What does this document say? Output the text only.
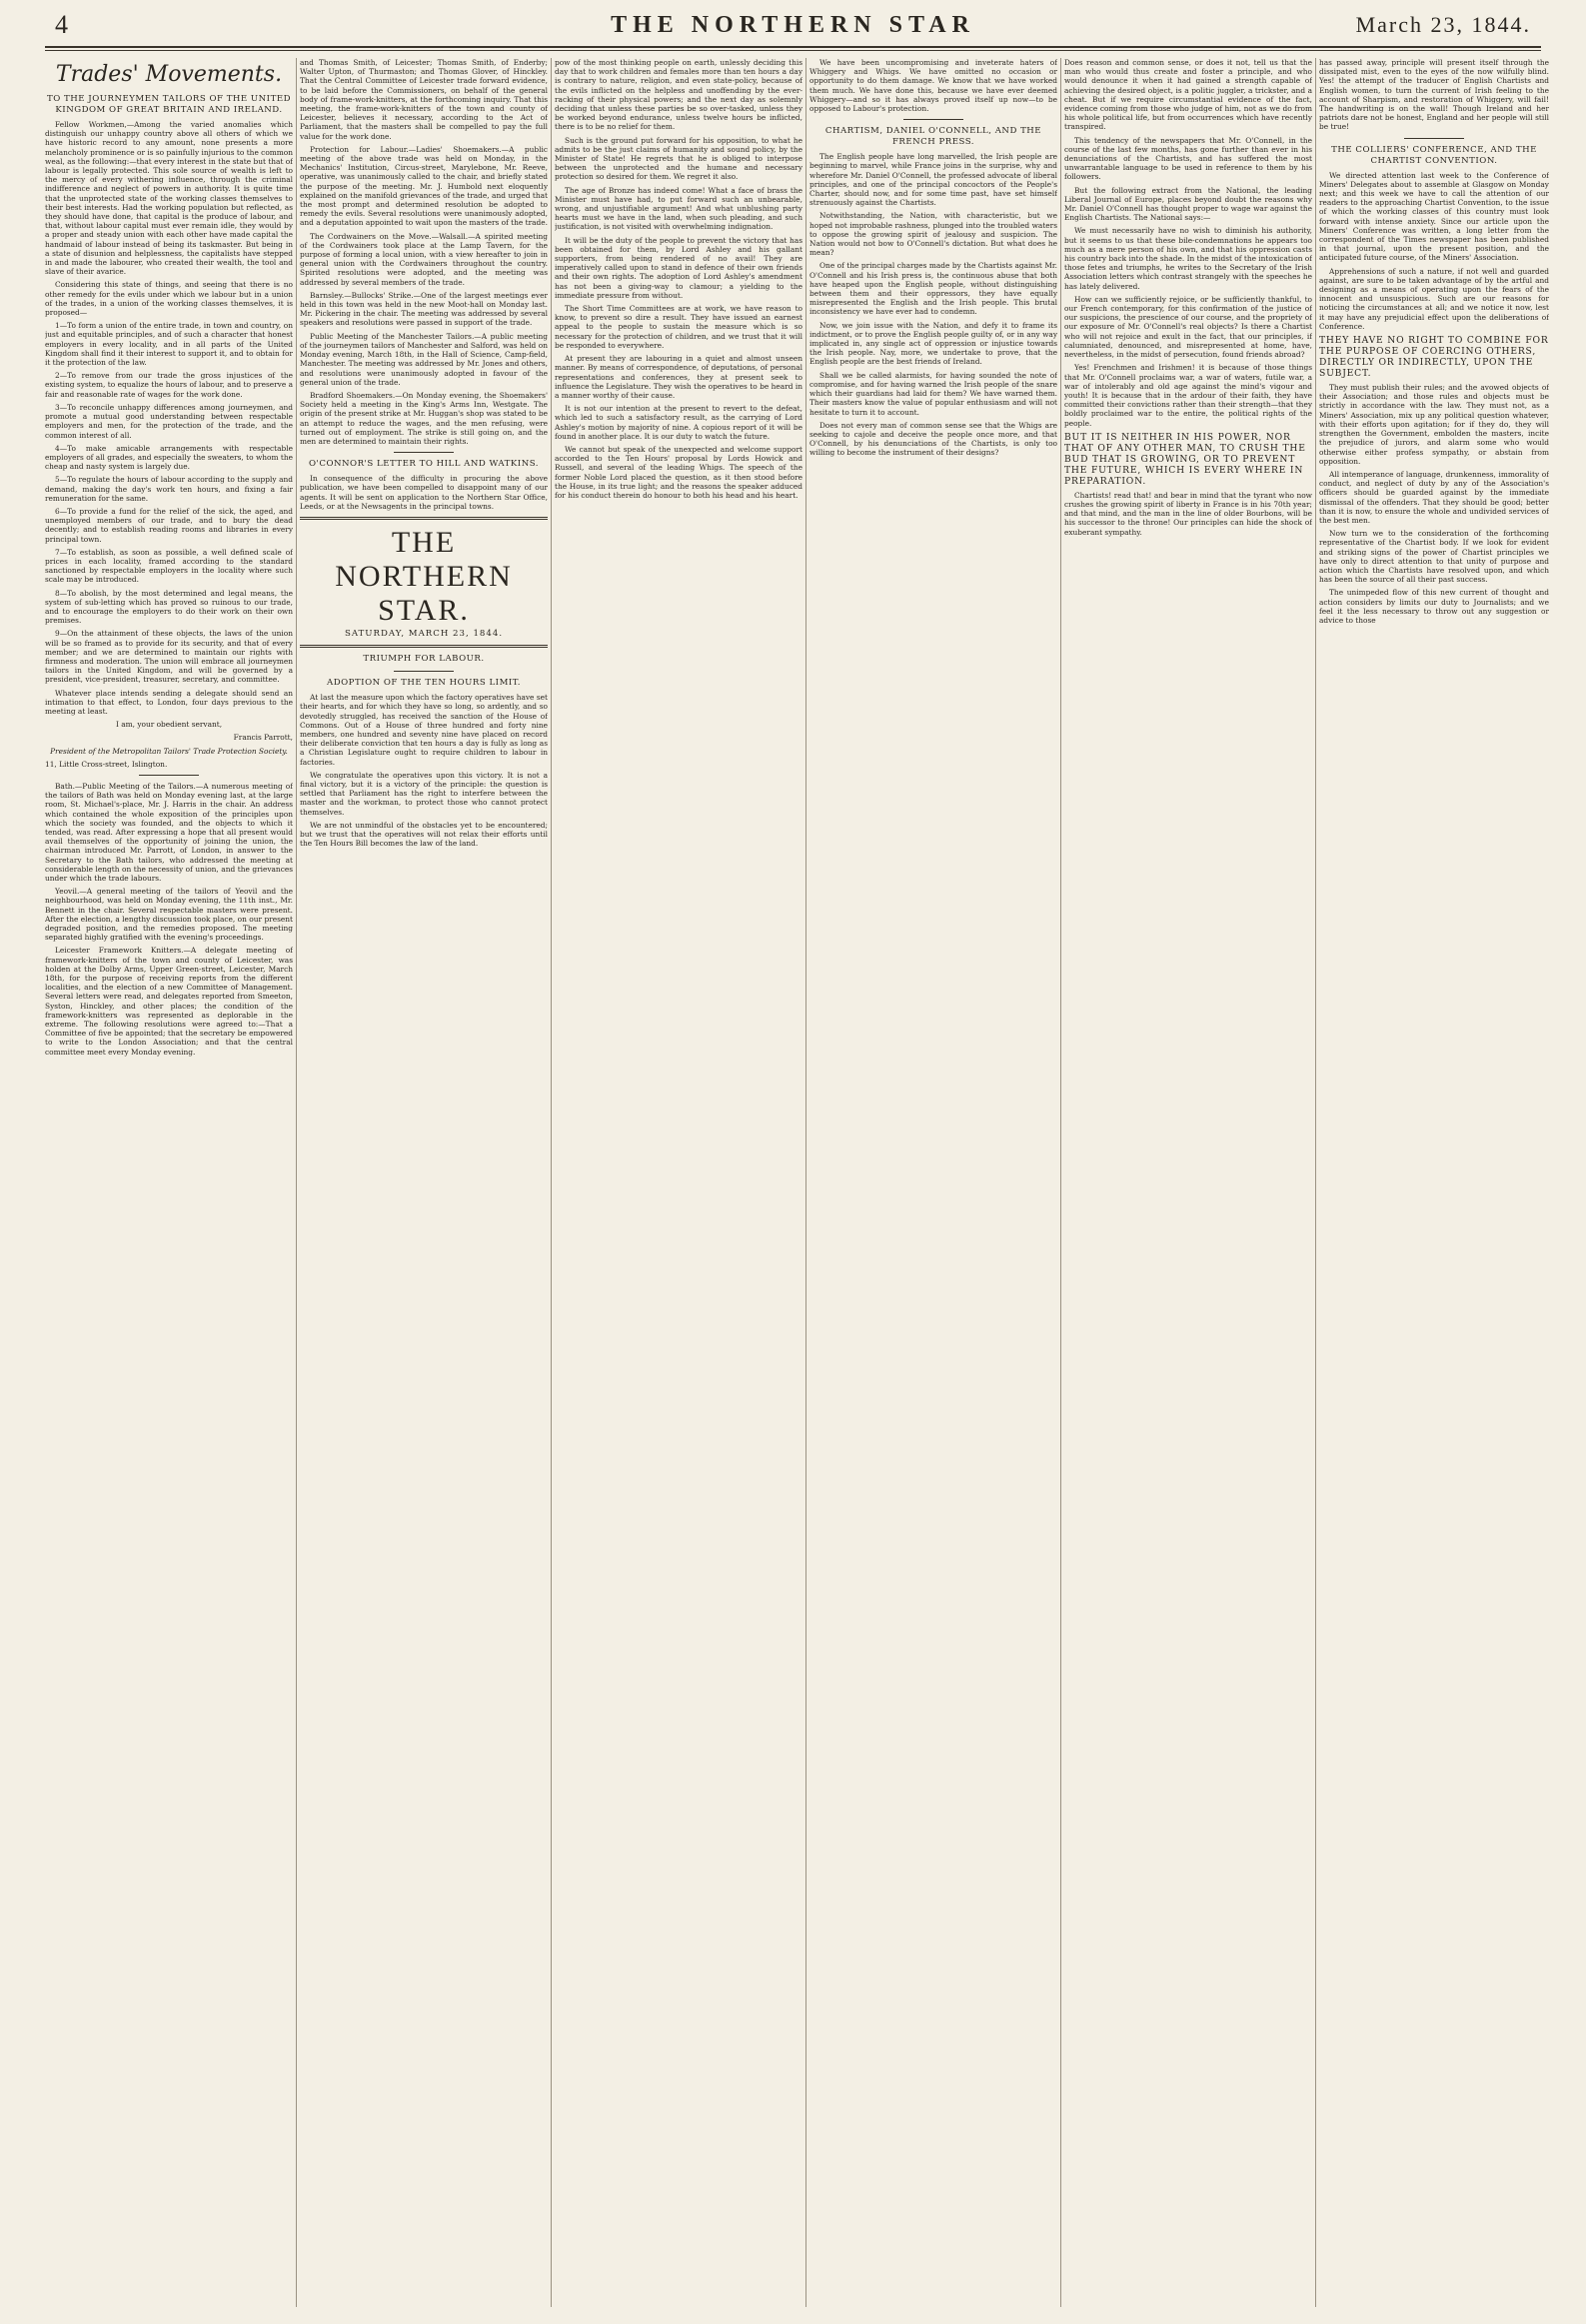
4	THE NORTHERN STAR	March 23, 1844.
Trades' Movements.
TO THE JOURNEYMEN TAILORS OF THE UNITED KINGDOM OF GREAT BRITAIN AND IRELAND.

Fellow Workmen,—Among the varied anomalies which distinguish our unhappy country above all others of which we have historic record to any amount, none presents a more melancholy prominence or is so painfully injurious to the common weal, as the following:—that every interest in the state but that of labour is legally protected. This sole source of wealth is left to the mercy of every withering influence, through the criminal indifference and neglect of powers in authority. It is quite time that the unprotected state of the working classes themselves to their best interests. Had the working population but reflected, as they should have done, that capital is the produce of labour, and that, without labour capital must ever remain idle, they would by a proper and steady union with each other have made capital the handmaid of labour instead of being its taskmaster. But being in a state of disunion and helplessness, the capitalists have stepped in and made the labourer, who created their wealth, the tool and slave of their avarice.

Considering this state of things, and seeing that there is no other remedy for the evils under which we labour but in a union of the trades, in a union of the working classes themselves, it is proposed—

1—To form a union of the entire trade, in town and country, on just and equitable principles, and of such a character that honest employers in every locality, and in all parts of the United Kingdom shall find it their interest to support it, and to obtain for it the protection of the law.

2—To remove from our trade the gross injustices of the existing system, to equalize the hours of labour, and to preserve a fair and reasonable rate of wages for the work done.

3—To reconcile unhappy differences among journeymen, and promote a mutual good understanding between respectable employers and men, for the protection of the trade, and the common interest of all.

4—To make amicable arrangements with respectable employers of all grades, and especially the sweaters, to whom the cheap and nasty system is largely due.

5—To regulate the hours of labour according to the supply and demand, making the day's work ten hours, and fixing a fair remuneration for the same.

6—To provide a fund for the relief of the sick, the aged, and unemployed members of our trade, and to bury the dead decently; and to establish reading rooms and libraries in every principal town.

7—To establish, as soon as possible, a well defined scale of prices in each locality, framed according to the standard sanctioned by respectable employers in the locality where such scale may be introduced.

8—To abolish, by the most determined and legal means, the system of sub-letting which has proved so ruinous to our trade, and to encourage the employers to do their work on their own premises.

9—On the attainment of these objects, the laws of the union will be so framed as to provide for its security, and that of every member; and we are determined to maintain our rights with firmness and moderation. The union will embrace all journeymen tailors in the United Kingdom, and will be governed by a president, vice-president, treasurer, secretary, and committee.

Whatever place intends sending a delegate should send an intimation to that effect, to London, four days previous to the meeting at least.

I am, your obedient servant,

Francis Parrott,

President of the Metropolitan Tailors' Trade Protection Society.

11, Little Cross-street, Islington.

Bath.—Public Meeting of the Tailors.—A numerous meeting of the tailors of Bath was held on Monday evening last, at the large room, St. Michael's-place, Mr. J. Harris in the chair. An address which contained the whole exposition of the principles upon which the society was founded, and the objects to which it tended, was read. After expressing a hope that all present would avail themselves of the opportunity of joining the union, the chairman introduced Mr. Parrott, of London, in answer to the Secretary to the Bath tailors, who addressed the meeting at considerable length on the necessity of union, and the grievances under which the trade labours.

Yeovil.—A general meeting of the tailors of Yeovil and the neighbourhood, was held on Monday evening, the 11th inst., Mr. Bennett in the chair. Several respectable masters were present. After the election, a lengthy discussion took place, on our present degraded position, and the remedies proposed. The meeting separated highly gratified with the evening's proceedings.

Leicester Framework Knitters.—A delegate meeting of framework-knitters of the town and county of Leicester, was holden at the Dolby Arms, Upper Green-street, Leicester, March 18th, for the purpose of receiving reports from the different localities, and the election of a new Committee of Management. Several letters were read, and delegates reported from Smeeton, Syston, Hinckley, and other places; the condition of the framework-knitters was represented as deplorable in the extreme. The following resolutions were agreed to:—That a Committee of five be appointed; that the secretary be empowered to write to the London Association; and that the central committee meet every Monday evening.

and Thomas Smith, of Leicester; Thomas Smith, of Enderby; Walter Upton, of Thurmaston; and Thomas Glover, of Hinckley. That the Central Committee of Leicester trade forward evidence, to be laid before the Commissioners, on behalf of the general body of frame-work-knitters, at the forthcoming inquiry. That this meeting, the frame-work-knitters of the town and county of Leicester, believes it necessary, according to the Act of Parliament, that the masters shall be compelled to pay the full value for the work done.

Protection for Labour.—Ladies' Shoemakers.—A public meeting of the above trade was held on Monday, in the Mechanics' Institution, Circus-street, Marylebone, Mr. Reeve, operative, was unanimously called to the chair, and briefly stated the purpose of the meeting. Mr. J. Humbold next eloquently explained on the manifold grievances of the trade, and urged that the most prompt and determined resolution be adopted to remedy the evils. Several resolutions were unanimously adopted, and a deputation appointed to wait upon the masters of the trade.

The Cordwainers on the Move.—Walsall.—A spirited meeting of the Cordwainers took place at the Lamp Tavern, for the purpose of forming a local union, with a view hereafter to join in general union with the Cordwainers throughout the country. Spirited resolutions were adopted, and the meeting was addressed by several members of the trade.

Barnsley.—Bullocks' Strike.—One of the largest meetings ever held in this town was held in the new Moot-hall on Monday last. Mr. Pickering in the chair. The meeting was addressed by several speakers and resolutions were passed in support of the trade.

Public Meeting of the Manchester Tailors.—A public meeting of the journeymen tailors of Manchester and Salford, was held on Monday evening, March 18th, in the Hall of Science, Camp-field, Manchester. The meeting was addressed by Mr. Jones and others, and resolutions were unanimously adopted in favour of the general union of the trade.

Bradford Shoemakers.—On Monday evening, the Shoemakers' Society held a meeting in the King's Arms Inn, Westgate. The origin of the present strike at Mr. Huggan's shop was stated to be an attempt to reduce the wages, and the men refusing, were turned out of employment. The strike is still going on, and the men are determined to maintain their rights.

O'CONNOR'S LETTER TO HILL AND WATKINS.

In consequence of the difficulty in procuring the above publication, we have been compelled to disappoint many of our agents. It will be sent on application to the Northern Star Office, Leeds, or at the Newsagents in the principal towns.

THE NORTHERN STAR.
SATURDAY, MARCH 23, 1844.
TRIUMPH FOR LABOUR.
ADOPTION OF THE TEN HOURS LIMIT.

At last the measure upon which the factory operatives have set their hearts, and for which they have so long, so ardently, and so devotedly struggled, has received the sanction of the House of Commons. Out of a House of three hundred and forty nine members, one hundred and seventy nine have placed on record their deliberate conviction that ten hours a day is fully as long as a Christian Legislature ought to require children to labour in factories.

We congratulate the operatives upon this victory. It is not a final victory, but it is a victory of the principle: the question is settled that Parliament has the right to interfere between the master and the workman, to protect those who cannot protect themselves.

We are not unmindful of the obstacles yet to be encountered; but we trust that the operatives will not relax their efforts until the Ten Hours Bill becomes the law of the land.

pow of the most thinking people on earth, unlessly deciding this day that to work children and females more than ten hours a day is contrary to nature, religion, and even state-policy, because of the evils inflicted on the helpless and unoffending by the ever-racking of their physical powers; and the next day as solemnly deciding that unless these parties be so over-tasked, unless they be worked beyond endurance, unless twelve hours be inflicted, there is to be no relief for them.

Such is the ground put forward for his opposition, to what he admits to be the just claims of humanity and sound policy, by the Minister of State! He regrets that he is obliged to interpose between the unprotected and the humane and necessary protection so desired for them. We regret it also.

The age of Bronze has indeed come! What a face of brass the Minister must have had, to put forward such an unbearable, wrong, and unjustifiable argument! And what unblushing party hearts must we have in the land, when such pleading, and such justification, is not visited with overwhelming indignation.

It will be the duty of the people to prevent the victory that has been obtained for them, by Lord Ashley and his gallant supporters, from being rendered of no avail! They are imperatively called upon to stand in defence of their own friends and their own rights. The adoption of Lord Ashley's amendment has not been a giving-way to clamour; a yielding to the immediate pressure from without.

The Short Time Committees are at work, we have reason to know, to prevent so dire a result. They have issued an earnest appeal to the people to sustain the measure which is so necessary for the protection of children, and we trust that it will be responded to everywhere.

At present they are labouring in a quiet and almost unseen manner. By means of correspondence, of deputations, of personal representations and conferences, they at present seek to influence the Legislature. They wish the operatives to be heard in a manner worthy of their cause.

It is not our intention at the present to revert to the defeat, which led to such a satisfactory result, as the carrying of Lord Ashley's motion by majority of nine. A copious report of it will be found in another place. It is our duty to watch the future.

We cannot but speak of the unexpected and welcome support accorded to the Ten Hours' proposal by Lords Howick and Russell, and several of the leading Whigs. The speech of the former Noble Lord placed the question, as it then stood before the House, in its true light; and the reasons the speaker adduced for his conduct therein do honour to both his head and his heart.

We have been uncompromising and inveterate haters of Whiggery and Whigs. We have omitted no occasion or opportunity to do them damage. We know that we have worked them much. We have done this, because we have ever deemed Whiggery—and so it has always proved itself up now—to be opposed to Labour's protection.

CHARTISM, DANIEL O'CONNELL, AND THE FRENCH PRESS.

The English people have long marvelled, the Irish people are beginning to marvel, while France joins in the surprise, why and wherefore Mr. Daniel O'Connell, the professed advocate of liberal principles, and one of the principal concoctors of the People's Charter, should now, and for some time past, have set himself strenuously against the Chartists.

Notwithstanding, the Nation, with characteristic, but we hoped not improbable rashness, plunged into the troubled waters to oppose the growing spirit of jealousy and suspicion. The Nation would not bow to O'Connell's dictation. But what does he mean?

One of the principal charges made by the Chartists against Mr. O'Connell and his Irish press is, the continuous abuse that both have heaped upon the English people, without distinguishing between them and their oppressors, they have equally misrepresented the English and the Irish people. This brutal inconsistency we have ever had to condemn.

Now, we join issue with the Nation, and defy it to frame its indictment, or to prove the English people guilty of, or in any way implicated in, any single act of oppression or injustice towards the Irish people. Nay, more, we undertake to prove, that the English people are the best friends of Ireland.

Shall we be called alarmists, for having sounded the note of compromise, and for having warned the Irish people of the snare which their guardians had laid for them? We have warned them. Their masters know the value of popular enthusiasm and will not hesitate to turn it to account.

Does not every man of common sense see that the Whigs are seeking to cajole and deceive the people once more, and that O'Connell, by his denunciations of the Chartists, is only too willing to become the instrument of their designs?

Does reason and common sense, or does it not, tell us that the man who would thus create and foster a principle, and who would denounce it when it had gained a strength capable of achieving the desired object, is a politic juggler, a trickster, and a cheat. But if we require circumstantial evidence of the fact, evidence coming from those who judge of him, not as we do from his whole political life, but from occurrences which have recently transpired.

This tendency of the newspapers that Mr. O'Connell, in the course of the last few months, has gone further than ever in his denunciations of the Chartists, and has suffered the most unwarrantable language to be used in reference to them by his followers.

But the following extract from the National, the leading Liberal Journal of Europe, places beyond doubt the reasons why Mr. Daniel O'Connell has thought proper to wage war against the English Chartists. The National says:—

We must necessarily have no wish to diminish his authority, but it seems to us that these bile-condemnations he appears too much as a mere person of his own, and that his oppression casts his country back into the shade. In the midst of the intoxication of those fetes and triumphs, he writes to the Secretary of the Irish Association letters which contrast strangely with the speeches he has lately delivered.

How can we sufficiently rejoice, or be sufficiently thankful, to our French contemporary, for this confirmation of the justice of our suspicions, the prescience of our course, and the propriety of our exposure of Mr. O'Connell's real objects? Is there a Chartist who will not rejoice and exult in the fact, that our principles, if calumniated, denounced, and misrepresented at home, have, nevertheless, in the midst of persecution, found friends abroad?

Yes! Frenchmen and Irishmen! it is because of those things that Mr. O'Connell proclaims war, a war of waters, futile war, a war of intolerably and old age against the mind's vigour and youth! It is because that in the ardour of their faith, they have committed their convictions rather than their strength—that they boldly proclaimed war to the entire, the political rights of the people.

BUT IT IS NEITHER IN HIS POWER, NOR THAT OF ANY OTHER MAN, TO CRUSH THE BUD THAT IS GROWING, OR TO PREVENT THE FUTURE, WHICH IS EVERY WHERE IN PREPARATION.

Chartists! read that! and bear in mind that the tyrant who now crushes the growing spirit of liberty in France is in his 70th year; and that mind, and the man in the line of older Bourbons, will be his successor to the throne! Our principles can hide the shock of exuberant sympathy.

has passed away, principle will present itself through the dissipated mist, even to the eyes of the now wilfully blind. Yes! the attempt of the traducer of English Chartists and English women, to turn the current of Irish feeling to the account of Sharpism, and restoration of Whiggery, will fail! The handwriting is on the wall! Though Ireland and her patriots dare not be honest, England and her people will still be true!

THE COLLIERS' CONFERENCE, AND THE CHARTIST CONVENTION.

We directed attention last week to the Conference of Miners' Delegates about to assemble at Glasgow on Monday next; and this week we have to call the attention of our readers to the approaching Chartist Convention, to the issue of which the working classes of this country must look forward with intense anxiety. Since our article upon the Miners' Conference was written, a long letter from the correspondent of the Times newspaper has been published in that journal, upon the present position, and the anticipated future course, of the Miners' Association.

Apprehensions of such a nature, if not well and guarded against, are sure to be taken advantage of by the artful and designing as a means of operating upon the fears of the innocent and unsuspicious. Such are our reasons for noticing the circumstances at all; and we notice it now, lest it may have any prejudicial effect upon the deliberations of Conference.

THEY HAVE NO RIGHT TO COMBINE FOR THE PURPOSE OF COERCING OTHERS, DIRECTLY OR INDIRECTLY, UPON THE SUBJECT.

They must publish their rules; and the avowed objects of their Association; and those rules and objects must be strictly in accordance with the law. They must not, as a Miners' Association, mix up any political question whatever, with their efforts upon agitation; for if they do, they will strengthen the Government, embolden the masters, incite the prejudice of jurors, and alarm some who would otherwise either profess sympathy, or abstain from opposition.

All intemperance of language, drunkenness, immorality of conduct, and neglect of duty by any of the Association's officers should be guarded against by the immediate dismissal of the offenders. That they should be good; better than it is now, to ensure the whole and undivided services of the best men.

Now turn we to the consideration of the forthcoming representative of the Chartist body. If we look for evident and striking signs of the power of Chartist principles we have only to direct attention to that unity of purpose and action which the Chartists have resolved upon, and which has been the source of all their past success.

The unimpeded flow of this new current of thought and action considers by limits our duty to Journalists; and we feel it the less necessary to throw out any suggestion or advice to those
